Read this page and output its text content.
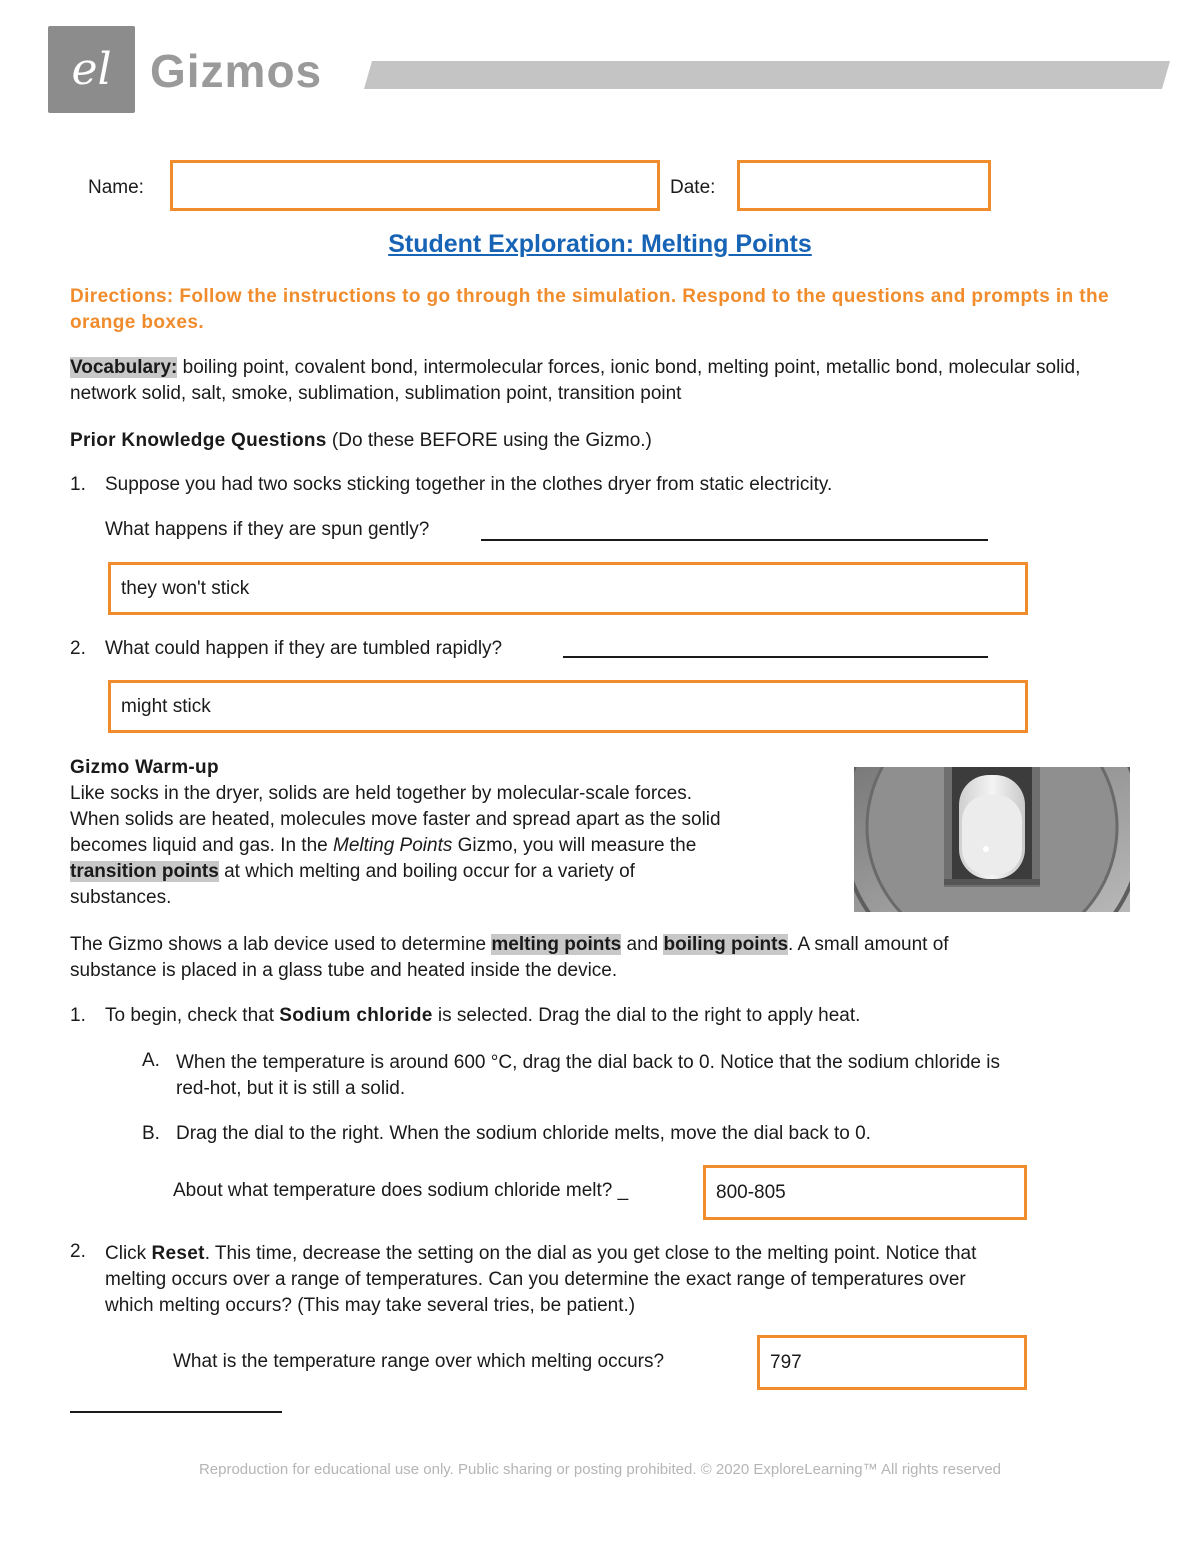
el Gizmos
Name:	Date:
Student Exploration: Melting Points
Directions: Follow the instructions to go through the simulation. Respond to the questions and prompts in the orange boxes.
Vocabulary: boiling point, covalent bond, intermolecular forces, ionic bond, melting point, metallic bond, molecular solid, network solid, salt, smoke, sublimation, sublimation point, transition point
Prior Knowledge Questions (Do these BEFORE using the Gizmo.)
1. Suppose you had two socks sticking together in the clothes dryer from static electricity.
What happens if they are spun gently?
they won't stick
2. What could happen if they are tumbled rapidly?
might stick
Gizmo Warm-up
Like socks in the dryer, solids are held together by molecular-scale forces.
When solids are heated, molecules move faster and spread apart as the solid
becomes liquid and gas. In the Melting Points Gizmo, you will measure the
transition points at which melting and boiling occur for a variety of
substances.
The Gizmo shows a lab device used to determine melting points and boiling points. A small amount of
substance is placed in a glass tube and heated inside the device.
1. To begin, check that Sodium chloride is selected. Drag the dial to the right to apply heat.
A. When the temperature is around 600 °C, drag the dial back to 0. Notice that the sodium chloride is
red-hot, but it is still a solid.
B. Drag the dial to the right. When the sodium chloride melts, move the dial back to 0.
About what temperature does sodium chloride melt? _	800-805
2. Click Reset. This time, decrease the setting on the dial as you get close to the melting point. Notice that
melting occurs over a range of temperatures. Can you determine the exact range of temperatures over
which melting occurs? (This may take several tries, be patient.)
What is the temperature range over which melting occurs?	797
Reproduction for educational use only. Public sharing or posting prohibited. © 2020 ExploreLearning™ All rights reserved
